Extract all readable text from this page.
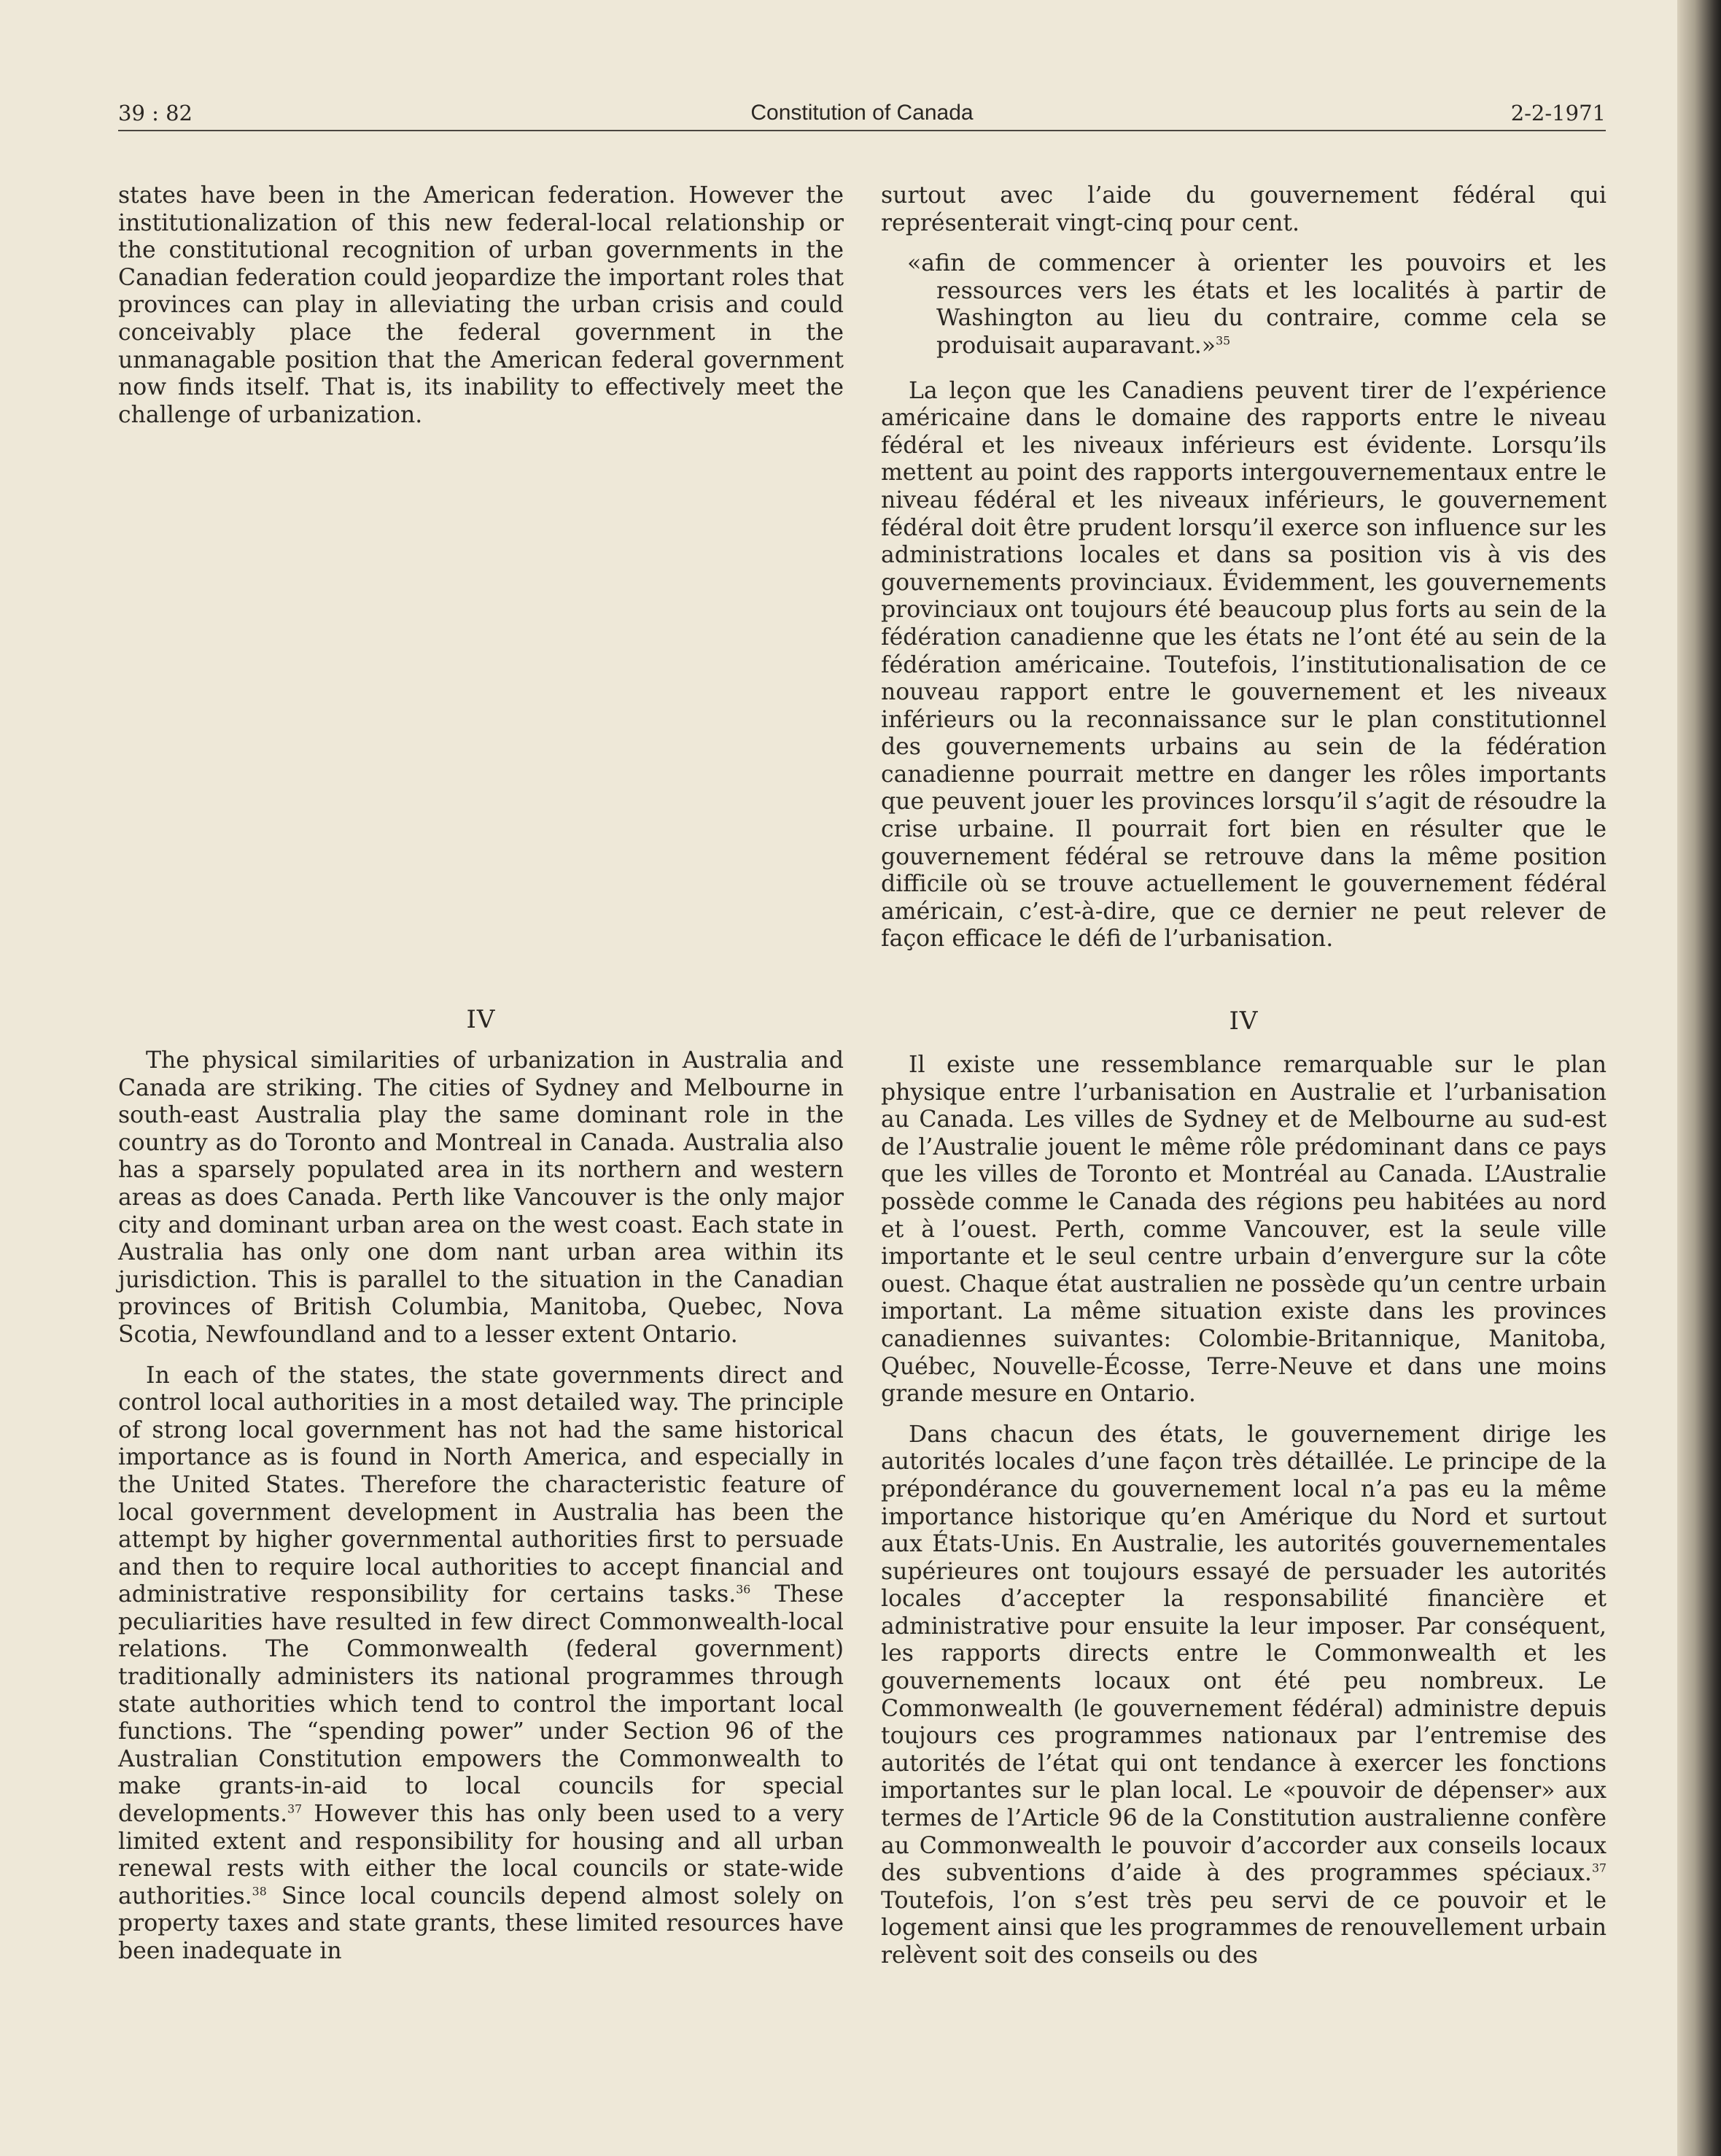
39 : 82	Constitution of Canada	2-2-1971

states have been in the American federation. However the institutionalization of this new federal-local relationship or the constitutional recognition of urban governments in the Canadian federation could jeopardize the important roles that provinces can play in alleviating the urban crisis and could conceivably place the federal government in the unmanagable position that the American federal government now finds itself. That is, its inability to effectively meet the challenge of urbanization.

IV

The physical similarities of urbanization in Australia and Canada are striking. The cities of Sydney and Melbourne in south-east Australia play the same dominant role in the country as do Toronto and Montreal in Canada. Australia also has a sparsely populated area in its northern and western areas as does Canada. Perth like Vancouver is the only major city and dominant urban area on the west coast. Each state in Australia has only one dom nant urban area within its jurisdiction. This is parallel to the situation in the Canadian provinces of British Columbia, Manitoba, Quebec, Nova Scotia, Newfoundland and to a lesser extent Ontario.

In each of the states, the state governments direct and control local authorities in a most detailed way. The principle of strong local government has not had the same historical importance as is found in North America, and especially in the United States. Therefore the characteristic feature of local government development in Australia has been the attempt by higher governmental authorities first to persuade and then to require local authorities to accept financial and administrative responsibility for certains tasks.$^{36}$ These peculiarities have resulted in few direct Commonwealth-local relations. The Commonwealth (federal government) traditionally administers its national programmes through state authorities which tend to control the important local functions. The “spending power” under Section 96 of the Australian Constitution empowers the Commonwealth to make grants-in-aid to local councils for special developments.$^{37}$ However this has only been used to a very limited extent and responsibility for housing and all urban renewal rests with either the local councils or state-wide authorities.$^{38}$ Since local councils depend almost solely on property taxes and state grants, these limited resources have been inadequate in

surtout avec l’aide du gouvernement fédéral qui représenterait vingt-cinq pour cent.

«afin de commencer à orienter les pouvoirs et les ressources vers les états et les localités à partir de Washington au lieu du contraire, comme cela se produisait auparavant.»$^{35}$

La leçon que les Canadiens peuvent tirer de l’expérience américaine dans le domaine des rapports entre le niveau fédéral et les niveaux inférieurs est évidente. Lorsqu’ils mettent au point des rapports intergouvernementaux entre le niveau fédéral et les niveaux inférieurs, le gouvernement fédéral doit être prudent lorsqu’il exerce son influence sur les administrations locales et dans sa position vis à vis des gouvernements provinciaux. Évidemment, les gouvernements provinciaux ont toujours été beaucoup plus forts au sein de la fédération canadienne que les états ne l’ont été au sein de la fédération américaine. Toutefois, l’institutionalisation de ce nouveau rapport entre le gouvernement et les niveaux inférieurs ou la reconnaissance sur le plan constitutionnel des gouvernements urbains au sein de la fédération canadienne pourrait mettre en danger les rôles importants que peuvent jouer les provinces lorsqu’il s’agit de résoudre la crise urbaine. Il pourrait fort bien en résulter que le gouvernement fédéral se retrouve dans la même position difficile où se trouve actuellement le gouvernement fédéral américain, c’est-à-dire, que ce dernier ne peut relever de façon efficace le défi de l’urbanisation.

IV

Il existe une ressemblance remarquable sur le plan physique entre l’urbanisation en Australie et l’urbanisation au Canada. Les villes de Sydney et de Melbourne au sud-est de l’Australie jouent le même rôle prédominant dans ce pays que les villes de Toronto et Montréal au Canada. L’Australie possède comme le Canada des régions peu habitées au nord et à l’ouest. Perth, comme Vancouver, est la seule ville importante et le seul centre urbain d’envergure sur la côte ouest. Chaque état australien ne possède qu’un centre urbain important. La même situation existe dans les provinces canadiennes suivantes: Colombie-Britannique, Manitoba, Québec, Nouvelle-Écosse, Terre-Neuve et dans une moins grande mesure en Ontario.

Dans chacun des états, le gouvernement dirige les autorités locales d’une façon très détaillée. Le principe de la prépondérance du gouvernement local n’a pas eu la même importance historique qu’en Amérique du Nord et surtout aux États-Unis. En Australie, les autorités gouvernementales supérieures ont toujours essayé de persuader les autorités locales d’accepter la responsabilité financière et administrative pour ensuite la leur imposer. Par conséquent, les rapports directs entre le Commonwealth et les gouvernements locaux ont été peu nombreux. Le Commonwealth (le gouvernement fédéral) administre depuis toujours ces programmes nationaux par l’entremise des autorités de l’état qui ont tendance à exercer les fonctions importantes sur le plan local. Le «pouvoir de dépenser» aux termes de l’Article 96 de la Constitution australienne confère au Commonwealth le pouvoir d’accorder aux conseils locaux des subventions d’aide à des programmes spéciaux.$^{37}$ Toutefois, l’on s’est très peu servi de ce pouvoir et le logement ainsi que les programmes de renouvellement urbain relèvent soit des conseils ou des
